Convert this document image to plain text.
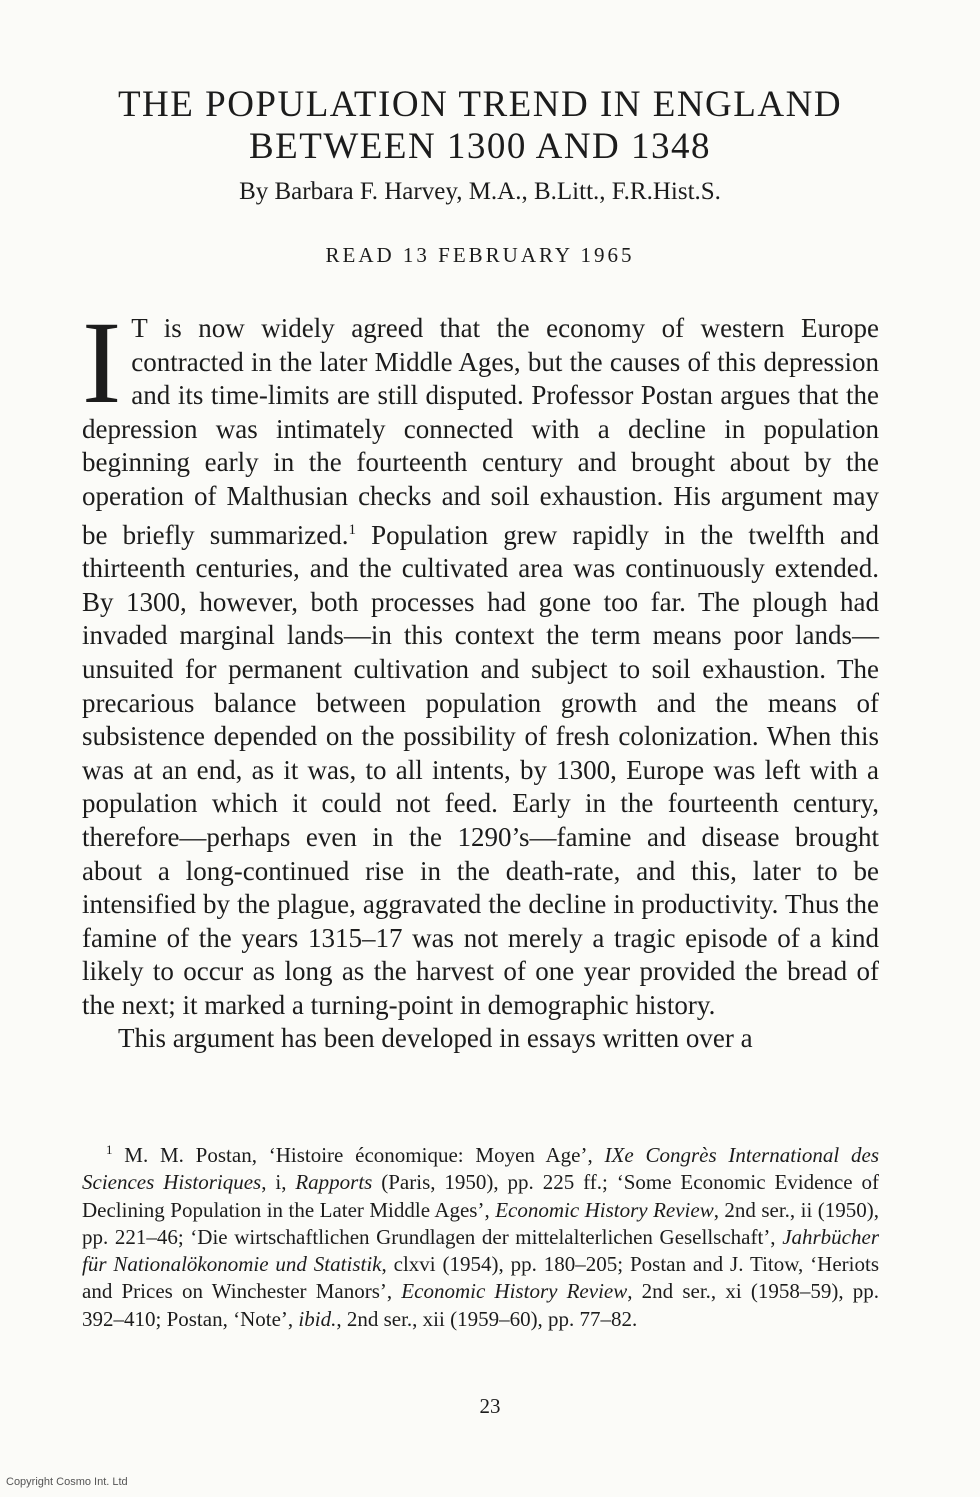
THE POPULATION TREND IN ENGLAND
BETWEEN 1300 AND 1348
By Barbara F. Harvey, M.A., B.Litt., F.R.Hist.S.
READ 13 FEBRUARY 1965

I T is now widely agreed that the economy of western Europe contracted in the later Middle Ages, but the causes of this depression and its time-limits are still disputed. Professor Postan argues that the depression was intimately connected with a decline in population beginning early in the fourteenth century and brought about by the operation of Malthusian checks and soil exhaustion. His argument may be briefly summarized.$^1$ Population grew rapidly in the twelfth and thirteenth centuries, and the cultivated area was continuously extended. By 1300, however, both processes had gone too far. The plough had invaded marginal lands—in this context the term means poor lands—unsuited for permanent cultivation and subject to soil exhaustion. The precarious balance between population growth and the means of subsistence depended on the possibility of fresh colonization. When this was at an end, as it was, to all intents, by 1300, Europe was left with a population which it could not feed. Early in the fourteenth century, therefore—perhaps even in the 1290’s—famine and disease brought about a long-continued rise in the death-rate, and this, later to be intensified by the plague, aggravated the decline in productivity. Thus the famine of the years 1315–17 was not merely a tragic episode of a kind likely to occur as long as the harvest of one year provided the bread of the next; it marked a turning-point in demographic history.

This argument has been developed in essays written over a

$^1$ M. M. Postan, ‘Histoire économique: Moyen Age’, IXe Congrès International des Sciences Historiques, i, Rapports (Paris, 1950), pp. 225 ff.; ‘Some Economic Evidence of Declining Population in the Later Middle Ages’, Economic History Review, 2nd ser., ii (1950), pp. 221–46; ‘Die wirtschaftlichen Grundlagen der mittelalterlichen Gesellschaft’, Jahrbücher für Nationalökonomie und Statistik, clxvi (1954), pp. 180–205; Postan and J. Titow, ‘Heriots and Prices on Winchester Manors’, Economic History Review, 2nd ser., xi (1958–59), pp. 392–410; Postan, ‘Note’, ibid., 2nd ser., xii (1959–60), pp. 77–82.
23
Copyright Cosmo Int. Ltd
